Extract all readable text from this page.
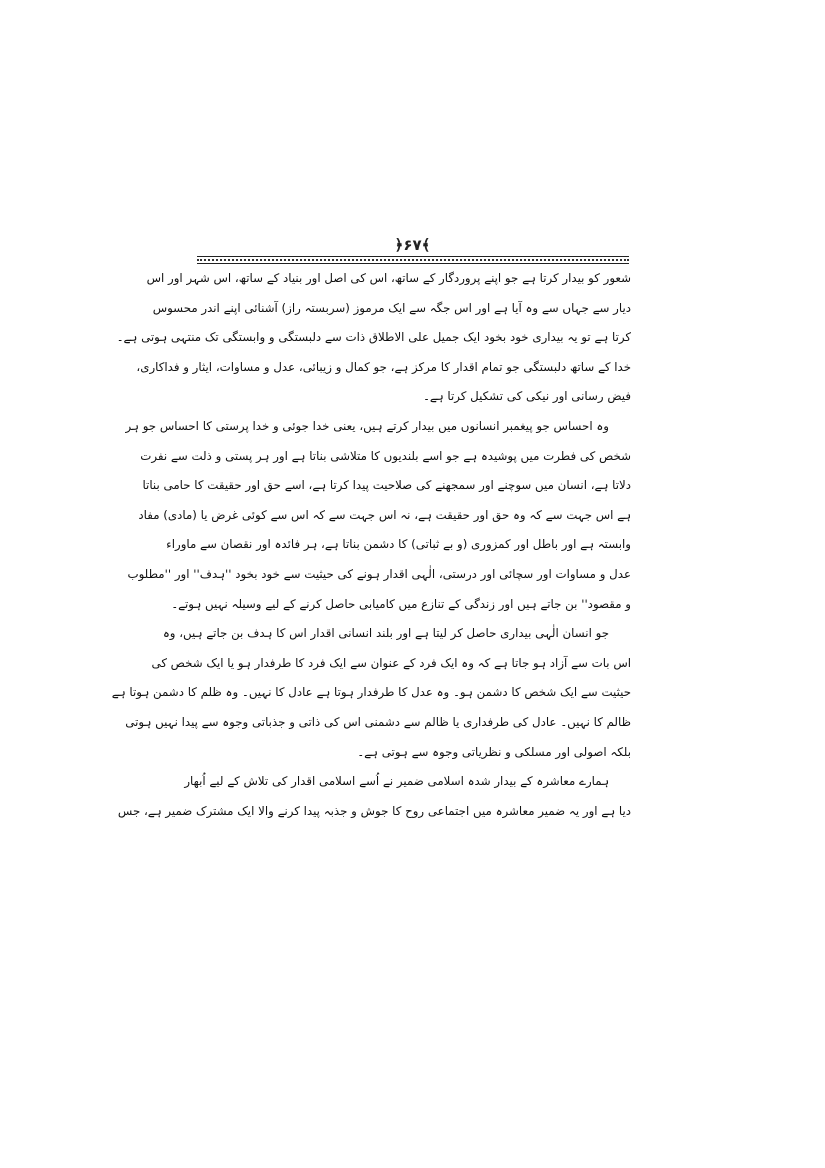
﴿۶۷﴾
شعور کو بیدار کرتا ہے جو اپنے پروردگار کے ساتھ، اس کی اصل اور بنیاد کے ساتھ، اس شہر اور اس
دیار سے جہاں سے وہ آیا ہے اور اس جگہ سے ایک مرموز (سربستہ راز) آشنائی اپنے اندر محسوس
کرتا ہے تو یہ بیداری خود بخود ایک جمیل علی الاطلاق ذات سے دلبستگی و وابستگی تک منتہی ہوتی ہے۔
خدا کے ساتھ دلبستگی جو تمام اقدار کا مرکز ہے، جو کمال و زیبائی، عدل و مساوات، ایثار و فداکاری،
فیض رسانی اور نیکی کی تشکیل کرتا ہے۔
وہ احساس جو پیغمبر انسانوں میں بیدار کرتے ہیں، یعنی خدا جوئی و خدا پرستی کا احساس جو ہر
شخص کی فطرت میں پوشیدہ ہے جو اسے بلندیوں کا متلاشی بناتا ہے اور ہر پستی و ذلت سے نفرت
دلاتا ہے، انسان میں سوچنے اور سمجھنے کی صلاحیت پیدا کرتا ہے، اسے حق اور حقیقت کا حامی بناتا
ہے اس جہت سے کہ وہ حق اور حقیقت ہے، نہ اس جہت سے کہ اس سے کوئی غرض یا (مادی) مفاد
وابستہ ہے اور باطل اور کمزوری (و بے ثباتی) کا دشمن بناتا ہے، ہر فائدہ اور نقصان سے ماوراء
عدل و مساوات اور سچائی اور درستی، الٰہی اقدار ہونے کی حیثیت سے خود بخود ''ہدف'' اور ''مطلوب
و مقصود'' بن جاتے ہیں اور زندگی کے تنازع میں کامیابی حاصل کرنے کے لیے وسیلہ نہیں ہوتے۔
جو انسان الٰہی بیداری حاصل کر لیتا ہے اور بلند انسانی اقدار اس کا ہدف بن جاتے ہیں، وہ
اس بات سے آزاد ہو جاتا ہے کہ وہ ایک فرد کے عنوان سے ایک فرد کا طرفدار ہو یا ایک شخص کی
حیثیت سے ایک شخص کا دشمن ہو۔ وہ عدل کا طرفدار ہوتا ہے عادل کا نہیں۔ وہ ظلم کا دشمن ہوتا ہے
ظالم کا نہیں۔ عادل کی طرفداری یا ظالم سے دشمنی اس کی ذاتی و جذباتی وجوہ سے پیدا نہیں ہوتی
بلکہ اصولی اور مسلکی و نظریاتی وجوہ سے ہوتی ہے۔
ہمارے معاشرہ کے بیدار شدہ اسلامی ضمیر نے اُسے اسلامی اقدار کی تلاش کے لیے اُبھار
دیا ہے اور یہ ضمیر معاشرہ میں اجتماعی روح کا جوش و جذبہ پیدا کرنے والا ایک مشترک ضمیر ہے، جس
